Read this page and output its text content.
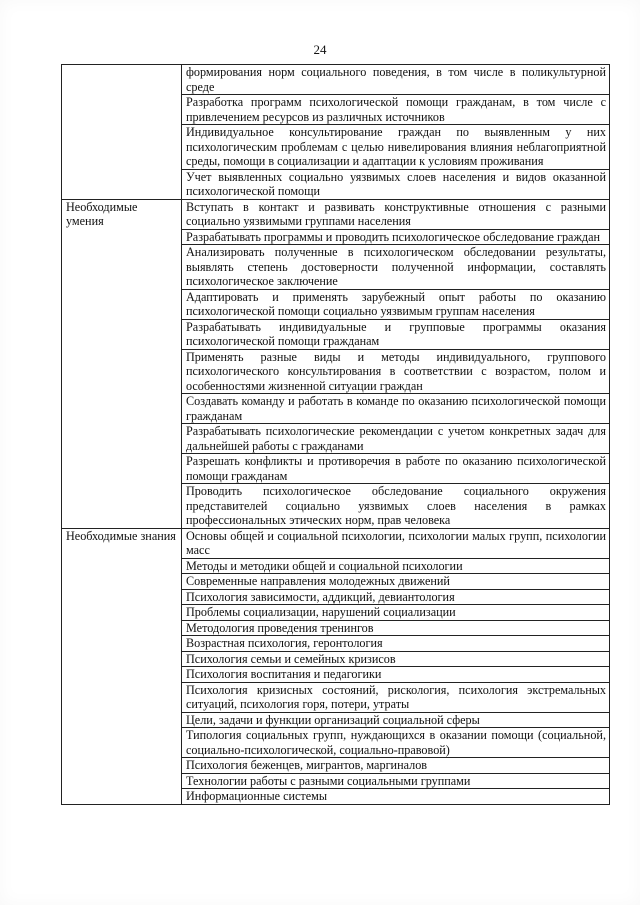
24
	формирования норм социального поведения, в том числе в поликультурной среде
	Разработка программ психологической помощи гражданам, в том числе с привлечением ресурсов из различных источников
	Индивидуальное консультирование граждан по выявленным у них психологическим проблемам с целью нивелирования влияния неблагоприятной среды, помощи в социализации и адаптации к условиям проживания
	Учет выявленных социально уязвимых слоев населения и видов оказанной психологической помощи
Необходимые умения	Вступать в контакт и развивать конструктивные отношения с разными социально уязвимыми группами населения
	Разрабатывать программы и проводить психологическое обследование граждан
	Анализировать полученные в психологическом обследовании результаты, выявлять степень достоверности полученной информации, составлять психологическое заключение
	Адаптировать и применять зарубежный опыт работы по оказанию психологической помощи социально уязвимым группам населения
	Разрабатывать индивидуальные и групповые программы оказания психологической помощи гражданам
	Применять разные виды и методы индивидуального, группового психологического консультирования в соответствии с возрастом, полом и особенностями жизненной ситуации граждан
	Создавать команду и работать в команде по оказанию психологической помощи гражданам
	Разрабатывать психологические рекомендации с учетом конкретных задач для дальнейшей работы с гражданами
	Разрешать конфликты и противоречия в работе по оказанию психологической помощи гражданам
	Проводить психологическое обследование социального окружения представителей социально уязвимых слоев населения в рамках профессиональных этических норм, прав человека
Необходимые знания	Основы общей и социальной психологии, психологии малых групп, психологии масс
	Методы и методики общей и социальной психологии
	Современные направления молодежных движений
	Психология зависимости, аддикций, девиантология
	Проблемы социализации, нарушений социализации
	Методология проведения тренингов
	Возрастная психология, геронтология
	Психология семьи и семейных кризисов
	Психология воспитания и педагогики
	Психология кризисных состояний, рискология, психология экстремальных ситуаций, психология горя, потери, утраты
	Цели, задачи и функции организаций социальной сферы
	Типология социальных групп, нуждающихся в оказании помощи (социальной, социально-психологической, социально-правовой)
	Психология беженцев, мигрантов, маргиналов
	Технологии работы с разными социальными группами
	Информационные системы
